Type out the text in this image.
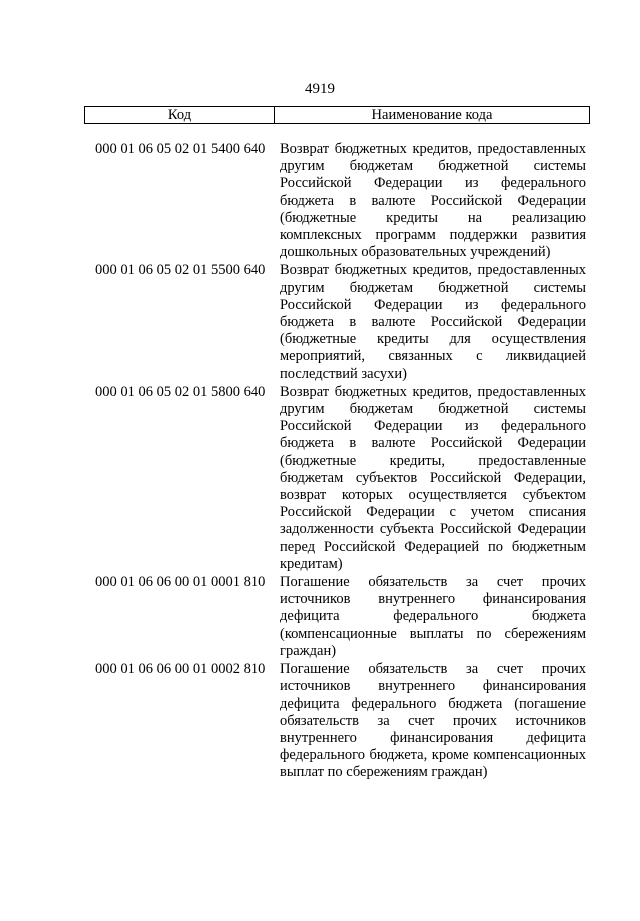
4919
Код	Наименование кода
000 01 06 05 02 01 5400 640	Возврат бюджетных кредитов, предоставленных другим бюджетам бюджетной системы Российской Федерации из федерального бюджета в валюте Российской Федерации (бюджетные кредиты на реализацию комплексных программ поддержки развития дошкольных образовательных учреждений)
000 01 06 05 02 01 5500 640	Возврат бюджетных кредитов, предоставленных другим бюджетам бюджетной системы Российской Федерации из федерального бюджета в валюте Российской Федерации (бюджетные кредиты для осуществления мероприятий, связанных с ликвидацией последствий засухи)
000 01 06 05 02 01 5800 640	Возврат бюджетных кредитов, предоставленных другим бюджетам бюджетной системы Российской Федерации из федерального бюджета в валюте Российской Федерации (бюджетные кредиты, предоставленные бюджетам субъектов Российской Федерации, возврат которых осуществляется субъектом Российской Федерации с учетом списания задолженности субъекта Российской Федерации перед Российской Федерацией по бюджетным кредитам)
000 01 06 06 00 01 0001 810	Погашение обязательств за счет прочих источников внутреннего финансирования дефицита федерального бюджета (компенсационные выплаты по сбережениям граждан)
000 01 06 06 00 01 0002 810	Погашение обязательств за счет прочих источников внутреннего финансирования дефицита федерального бюджета (погашение обязательств за счет прочих источников внутреннего финансирования дефицита федерального бюджета, кроме компенсационных выплат по сбережениям граждан)
